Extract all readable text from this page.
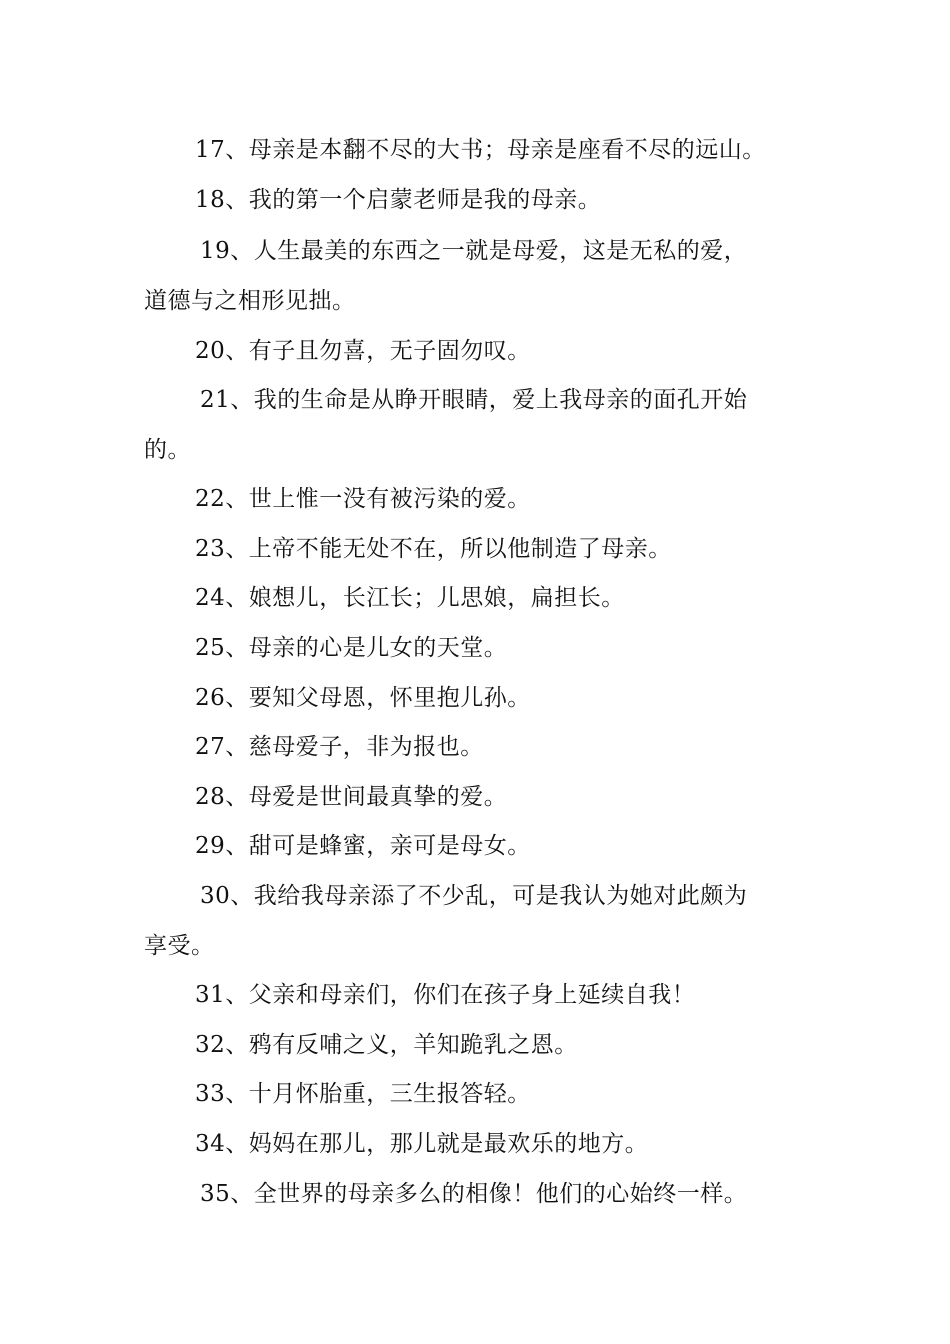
17、母亲是本翻不尽的大书；母亲是座看不尽的远山。
18、我的第一个启蒙老师是我的母亲。
19、人生最美的东西之一就是母爱，这是无私的爱，
道德与之相形见拙。
20、有子且勿喜，无子固勿叹。
21、我的生命是从睁开眼睛，爱上我母亲的面孔开始
的。
22、世上惟一没有被污染的爱。
23、上帝不能无处不在，所以他制造了母亲。
24、娘想儿，长江长；儿思娘，扁担长。
25、母亲的心是儿女的天堂。
26、要知父母恩，怀里抱儿孙。
27、慈母爱子，非为报也。
28、母爱是世间最真挚的爱。
29、甜可是蜂蜜，亲可是母女。
30、我给我母亲添了不少乱，可是我认为她对此颇为
享受。
31、父亲和母亲们，你们在孩子身上延续自我！
32、鸦有反哺之义，羊知跪乳之恩。
33、十月怀胎重，三生报答轻。
34、妈妈在那儿，那儿就是最欢乐的地方。
35、全世界的母亲多么的相像！他们的心始终一样。
